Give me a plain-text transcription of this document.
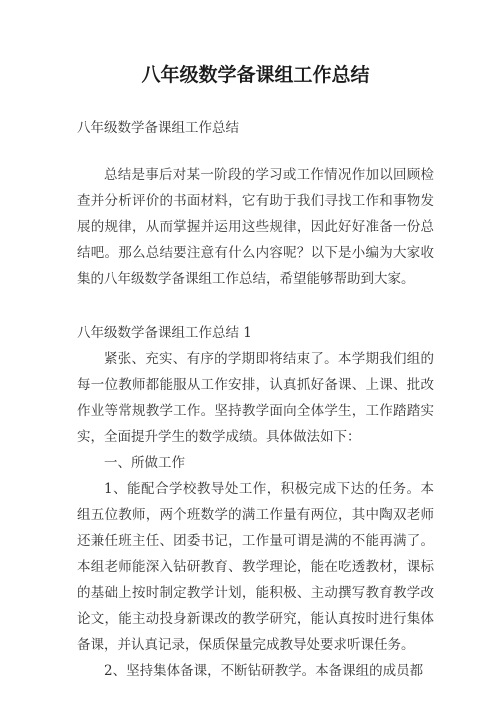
八年级数学备课组工作总结

八年级数学备课组工作总结

总结是事后对某一阶段的学习或工作情况作加以回顾检查并分析评价的书面材料，它有助于我们寻找工作和事物发展的规律，从而掌握并运用这些规律，因此好好准备一份总结吧。那么总结要注意有什么内容呢？以下是小编为大家收集的八年级数学备课组工作总结，希望能够帮助到大家。

八年级数学备课组工作总结 1

紧张、充实、有序的学期即将结束了。本学期我们组的每一位教师都能服从工作安排，认真抓好备课、上课、批改作业等常规教学工作。坚持教学面向全体学生，工作踏踏实实，全面提升学生的数学成绩。具体做法如下：

一、所做工作

1、能配合学校教导处工作，积极完成下达的任务。本组五位教师，两个班数学的满工作量有两位，其中陶双老师还兼任班主任、团委书记，工作量可谓是满的不能再满了。本组老师能深入钻研教育、教学理论，能在吃透教材，课标的基础上按时制定教学计划，能积极、主动撰写教育教学改论文，能主动投身新课改的教学研究，能认真按时进行集体备课，并认真记录，保质保量完成教导处要求听课任务。

2、坚持集体备课，不断钻研教学。本备课组的成员都
